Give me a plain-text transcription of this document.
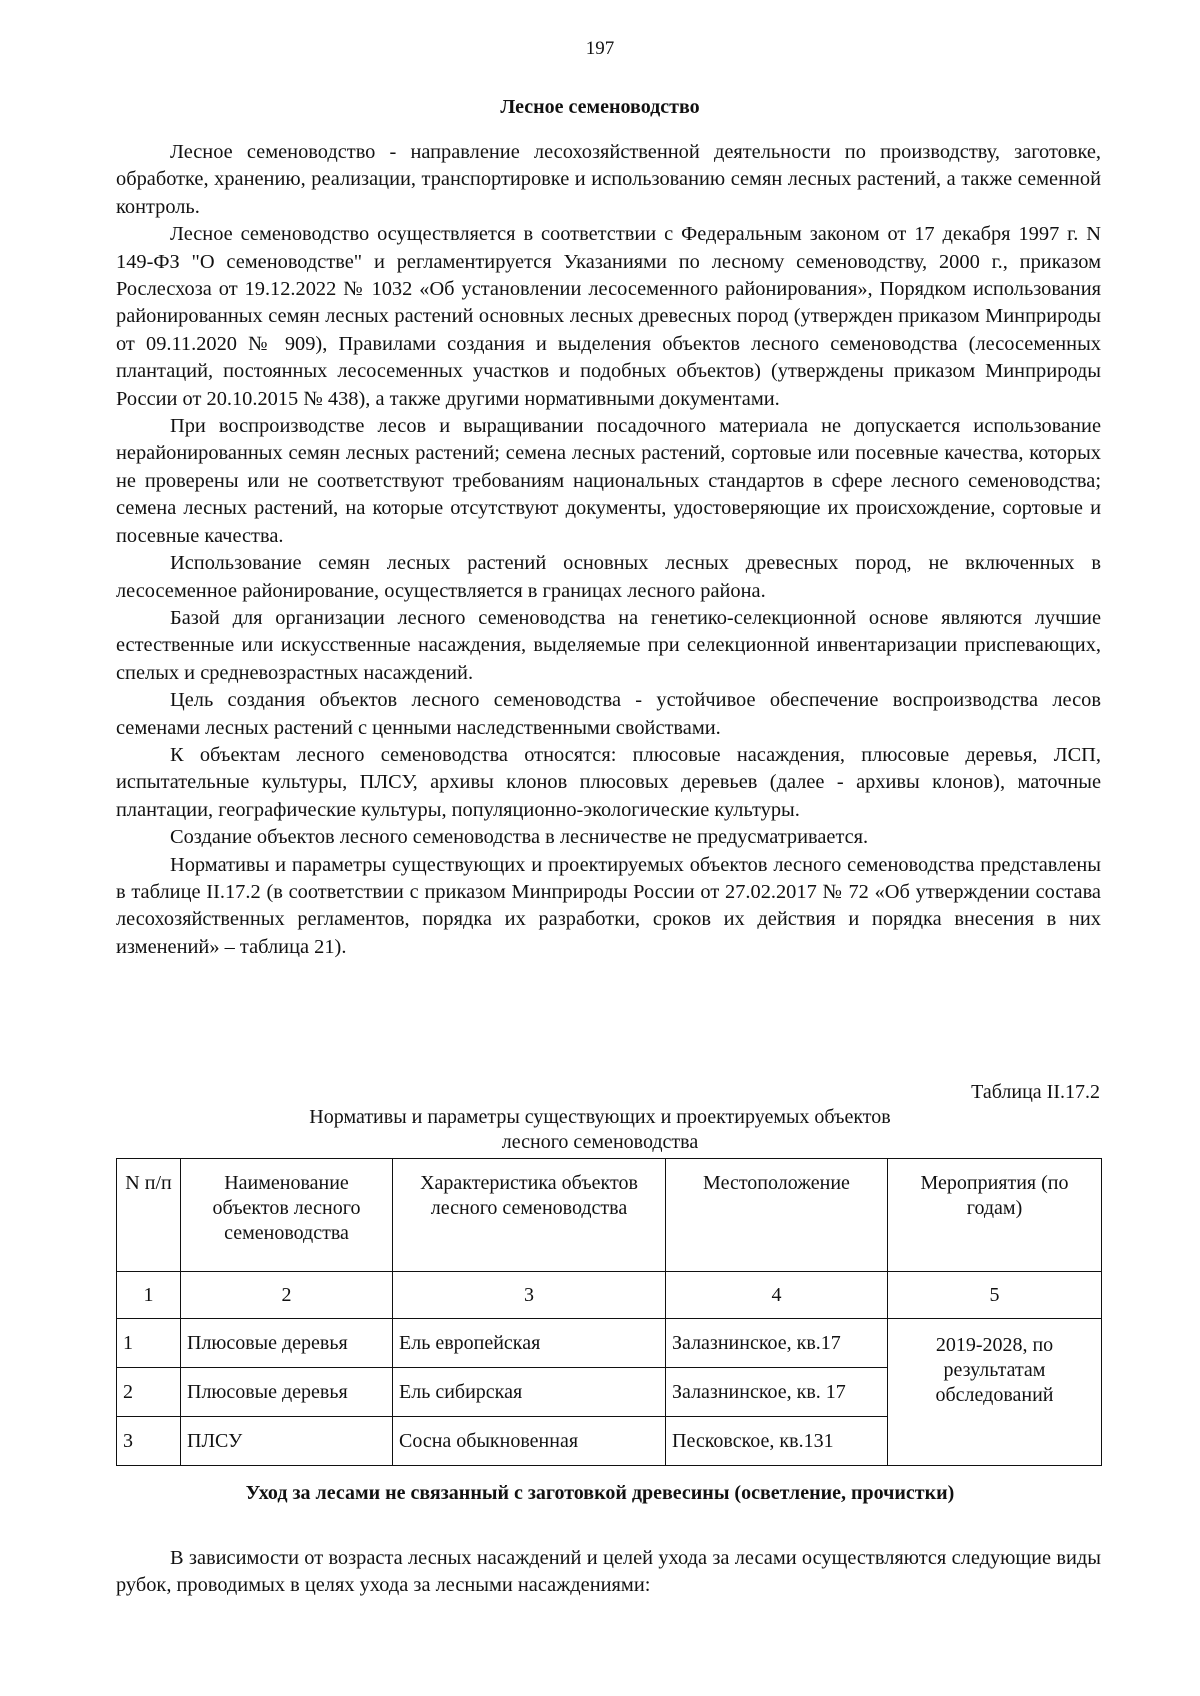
197
Лесное семеноводство

Лесное семеноводство - направление лесохозяйственной деятельности по производству, заготовке, обработке, хранению, реализации, транспортировке и использованию семян лесных растений, а также семенной контроль.

Лесное семеноводство осуществляется в соответствии с Федеральным законом от 17 декабря 1997 г. N 149-ФЗ "О семеноводстве" и регламентируется Указаниями по лесному семеноводству, 2000 г., приказом Рослесхоза от 19.12.2022 № 1032 «Об установлении лесосеменного районирования», Порядком использования районированных семян лесных растений основных лесных древесных пород (утвержден приказом Минприроды от 09.11.2020 № 909), Правилами создания и выделения объектов лесного семеноводства (лесосеменных плантаций, постоянных лесосеменных участков и подобных объектов) (утверждены приказом Минприроды России от 20.10.2015 № 438), а также другими нормативными документами.

При воспроизводстве лесов и выращивании посадочного материала не допускается использование нерайонированных семян лесных растений; семена лесных растений, сортовые или посевные качества, которых не проверены или не соответствуют требованиям национальных стандартов в сфере лесного семеноводства; семена лесных растений, на которые отсутствуют документы, удостоверяющие их происхождение, сортовые и посевные качества.

Использование семян лесных растений основных лесных древесных пород, не включенных в лесосеменное районирование, осуществляется в границах лесного района.

Базой для организации лесного семеноводства на генетико-селекционной основе являются лучшие естественные или искусственные насаждения, выделяемые при селекционной инвентаризации приспевающих, спелых и средневозрастных насаждений.

Цель создания объектов лесного семеноводства - устойчивое обеспечение воспроизводства лесов семенами лесных растений с ценными наследственными свойствами.

К объектам лесного семеноводства относятся: плюсовые насаждения, плюсовые деревья, ЛСП, испытательные культуры, ПЛСУ, архивы клонов плюсовых деревьев (далее - архивы клонов), маточные плантации, географические культуры, популяционно-экологические культуры.

Создание объектов лесного семеноводства в лесничестве не предусматривается.

Нормативы и параметры существующих и проектируемых объектов лесного семеноводства представлены в таблице II.17.2 (в соответствии с приказом Минприроды России от 27.02.2017 № 72 «Об утверждении состава лесохозяйственных регламентов, порядка их разработки, сроков их действия и порядка внесения в них изменений» – таблица 21).

Таблица II.17.2
Нормативы и параметры существующих и проектируемых объектов
лесного семеноводства
N п/п	Наименование объектов лесного семеноводства	Характеристика объектов лесного семеноводства	Местоположение	Мероприятия (по годам)
1	2	3	4	5
1	Плюсовые деревья	Ель европейская	Залазнинское, кв.17	2019-2028, по результатам обследований
2	Плюсовые деревья	Ель сибирская	Залазнинское, кв. 17	
3	ПЛСУ	Сосна обыкновенная	Песковское, кв.131	
Уход за лесами не связанный с заготовкой древесины (осветление, прочистки)

В зависимости от возраста лесных насаждений и целей ухода за лесами осуществляются следующие виды рубок, проводимых в целях ухода за лесными насаждениями:
